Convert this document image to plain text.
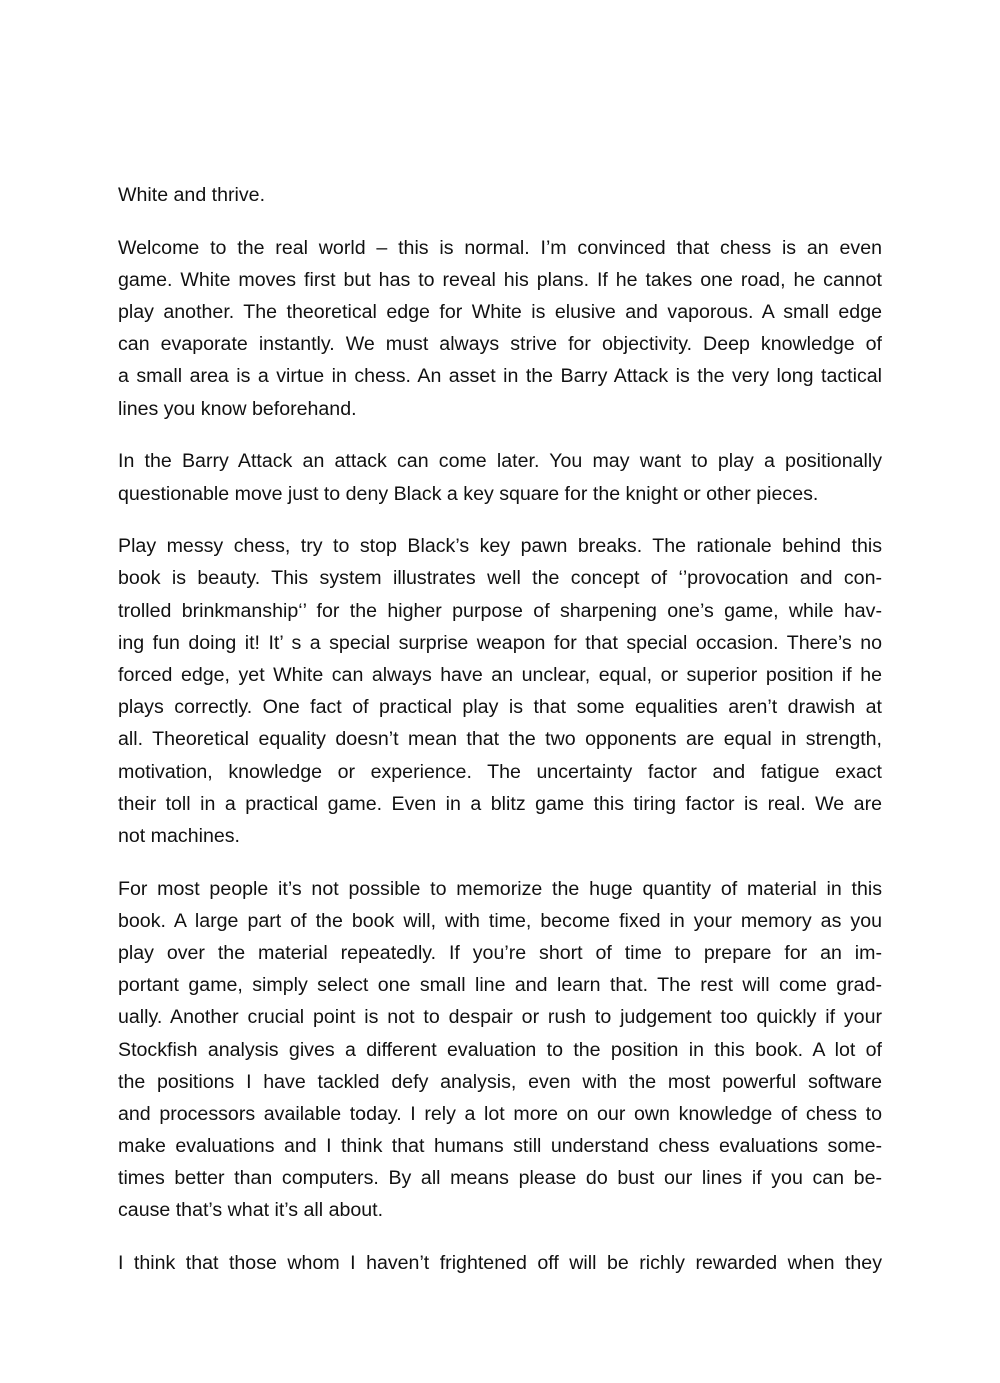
White and thrive.
Welcome to the real world – this is normal. I’m convinced that chess is an even
game. White moves first but has to reveal his plans. If he takes one road, he cannot
play another. The theoretical edge for White is elusive and vaporous. A small edge
can evaporate instantly. We must always strive for objectivity. Deep knowledge of
a small area is a virtue in chess. An asset in the Barry Attack is the very long tactical
lines you know beforehand.
In the Barry Attack an attack can come later. You may want to play a positionally
questionable move just to deny Black a key square for the knight or other pieces.
Play messy chess, try to stop Black’s key pawn breaks. The rationale behind this
book is beauty. This system illustrates well the concept of ‘’provocation and con-
trolled brinkmanship‘’ for the higher purpose of sharpening one’s game, while hav-
ing fun doing it! It’ s a special surprise weapon for that special occasion. There’s no
forced edge, yet White can always have an unclear, equal, or superior position if he
plays correctly. One fact of practical play is that some equalities aren’t drawish at
all. Theoretical equality doesn’t mean that the two opponents are equal in strength,
motivation, knowledge or experience. The uncertainty factor and fatigue exact
their toll in a practical game. Even in a blitz game this tiring factor is real. We are
not machines.
For most people it’s not possible to memorize the huge quantity of material in this
book. A large part of the book will, with time, become fixed in your memory as you
play over the material repeatedly. If you’re short of time to prepare for an im-
portant game, simply select one small line and learn that. The rest will come grad-
ually. Another crucial point is not to despair or rush to judgement too quickly if your
Stockfish analysis gives a different evaluation to the position in this book. A lot of
the positions I have tackled defy analysis, even with the most powerful software
and processors available today. I rely a lot more on our own knowledge of chess to
make evaluations and I think that humans still understand chess evaluations some-
times better than computers. By all means please do bust our lines if you can be-
cause that’s what it’s all about.
I think that those whom I haven’t frightened off will be richly rewarded when they
